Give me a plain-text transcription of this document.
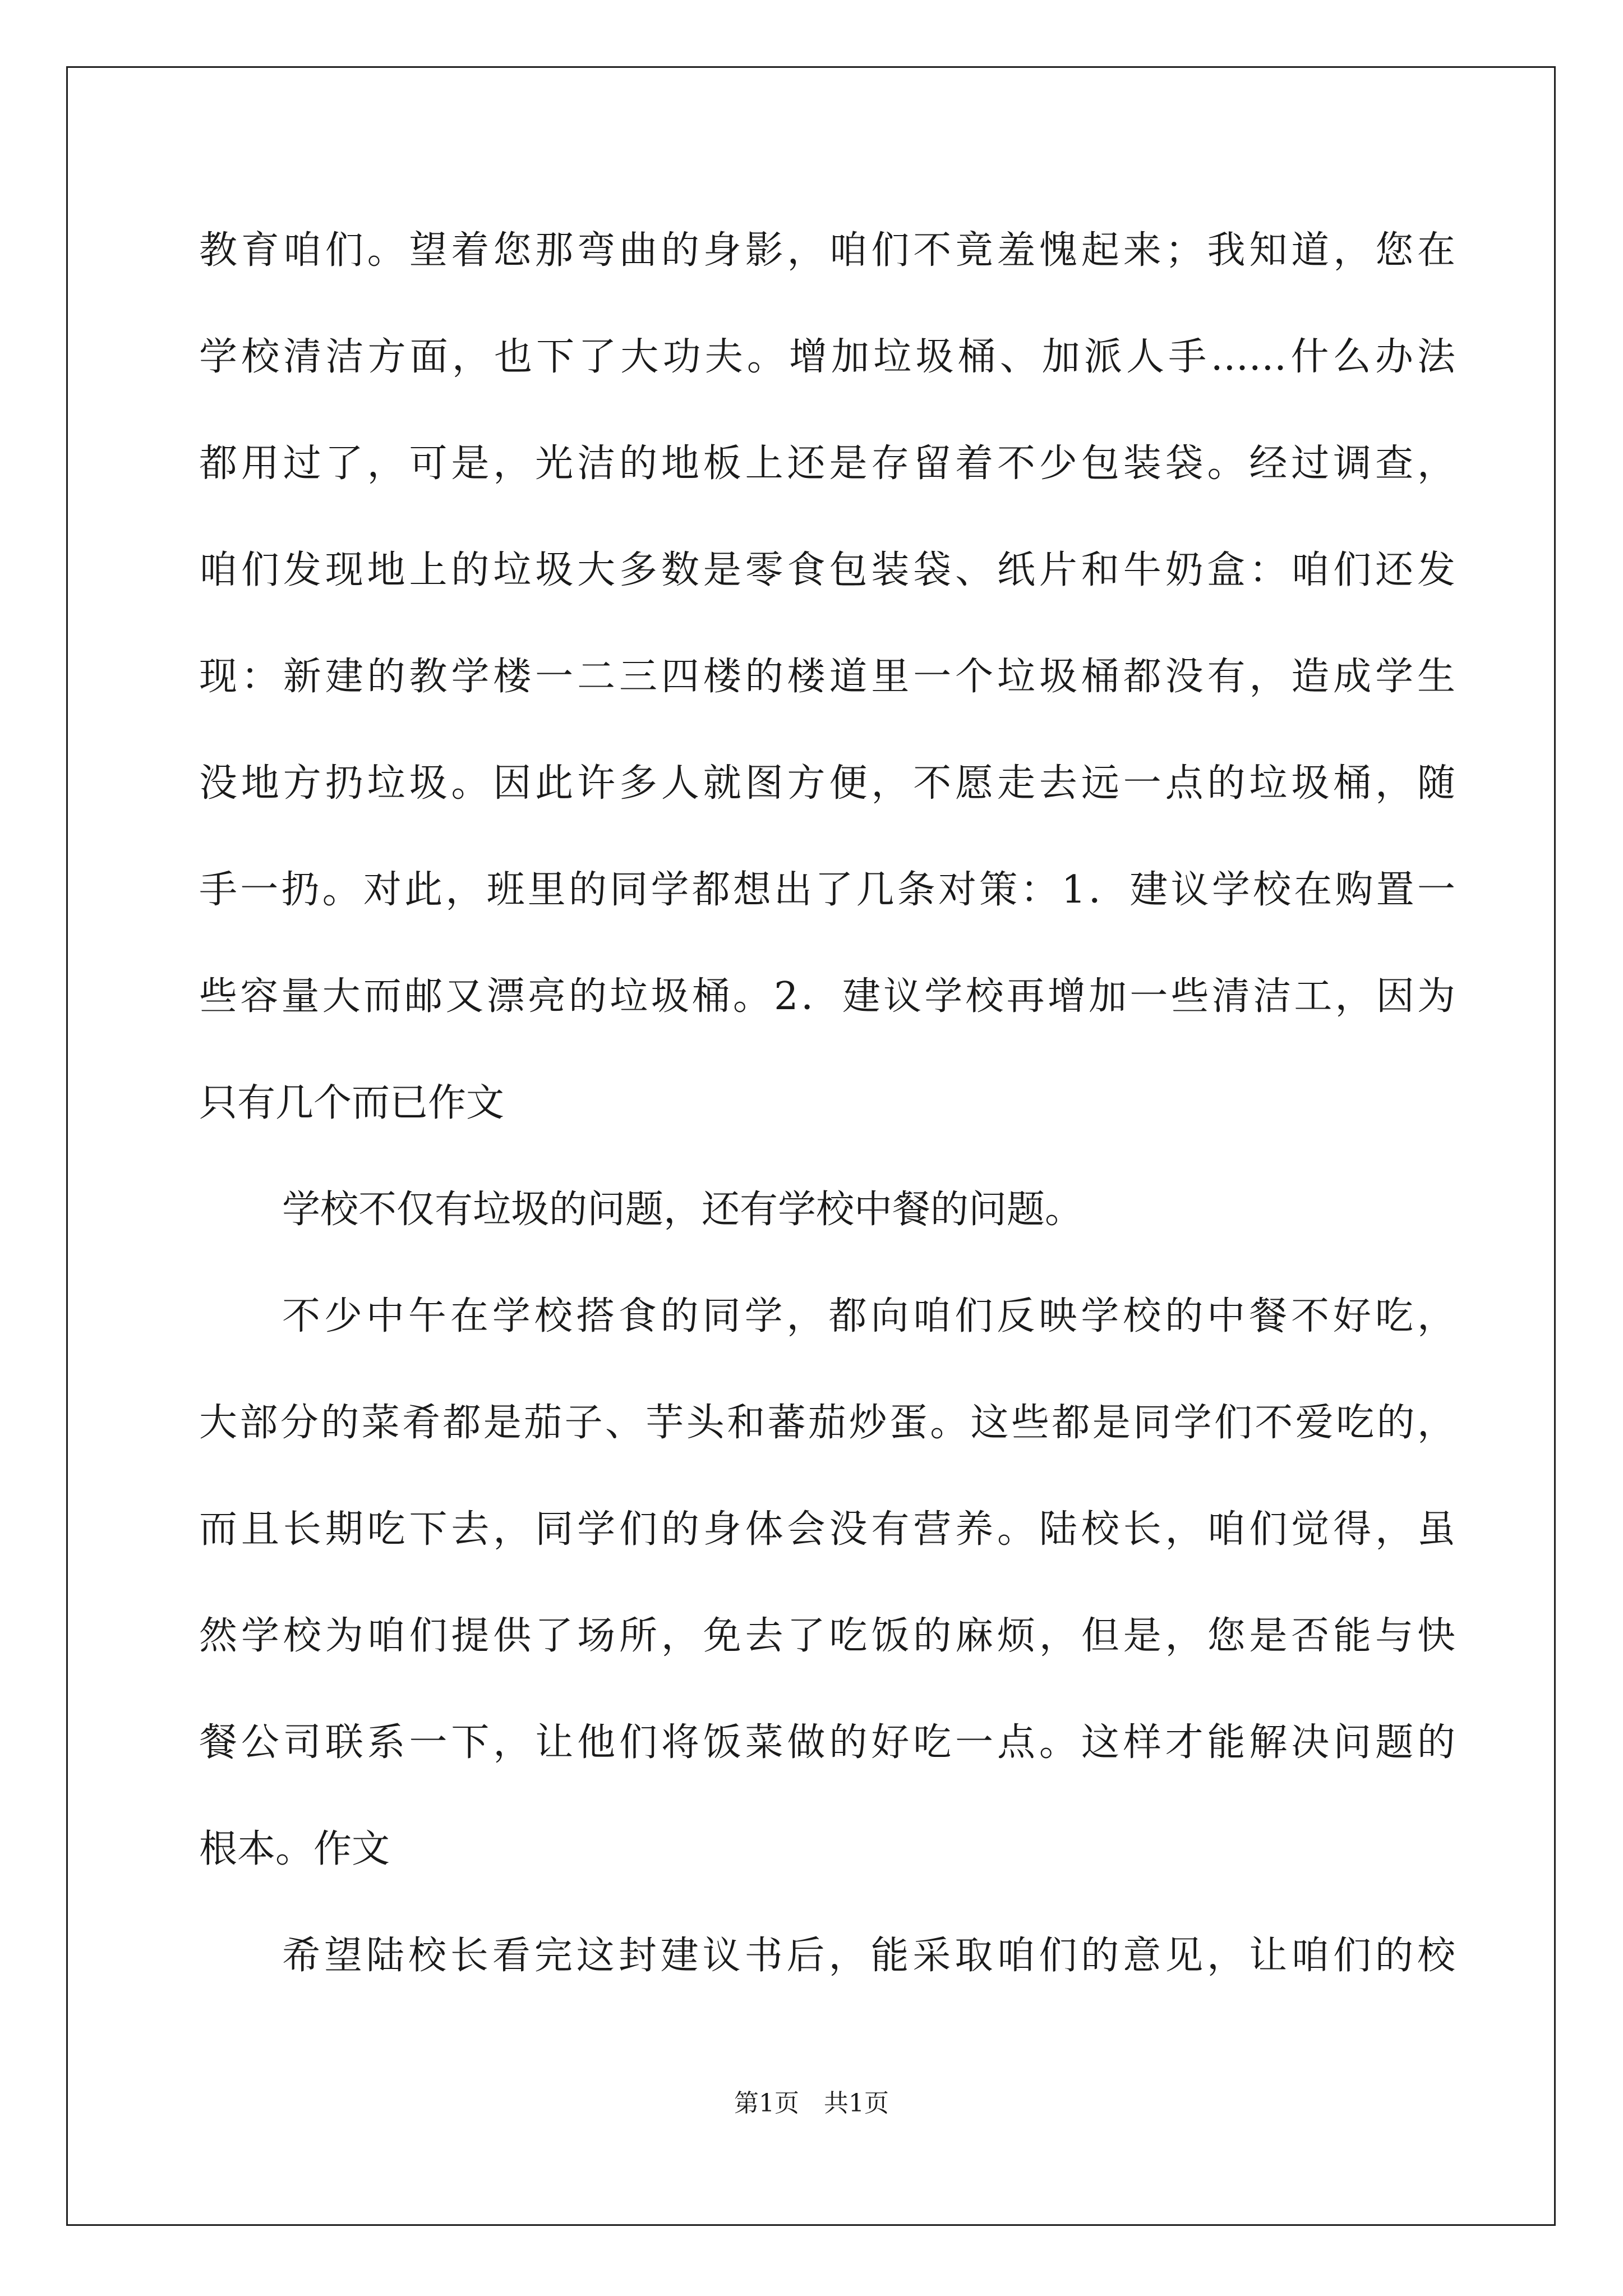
教育咱们。望着您那弯曲的身影，咱们不竟羞愧起来；我知道，您在
学校清洁方面，也下了大功夫。增加垃圾桶、加派人手……什么办法
都用过了，可是，光洁的地板上还是存留着不少包装袋。经过调查，
咱们发现地上的垃圾大多数是零食包装袋、纸片和牛奶盒：咱们还发
现：新建的教学楼一二三四楼的楼道里一个垃圾桶都没有，造成学生
没地方扔垃圾。因此许多人就图方便，不愿走去远一点的垃圾桶，随
手一扔。对此，班里的同学都想出了几条对策：1．建议学校在购置一
些容量大而邮又漂亮的垃圾桶。2．建议学校再增加一些清洁工，因为
只有几个而已作文
学校不仅有垃圾的问题，还有学校中餐的问题。
不少中午在学校搭食的同学，都向咱们反映学校的中餐不好吃，
大部分的菜肴都是茄子、芋头和蕃茄炒蛋。这些都是同学们不爱吃的，
而且长期吃下去，同学们的身体会没有营养。陆校长，咱们觉得，虽
然学校为咱们提供了场所，免去了吃饭的麻烦，但是，您是否能与快
餐公司联系一下，让他们将饭菜做的好吃一点。这样才能解决问题的
根本。作文
希望陆校长看完这封建议书后，能采取咱们的意见，让咱们的校
第1页　共1页
